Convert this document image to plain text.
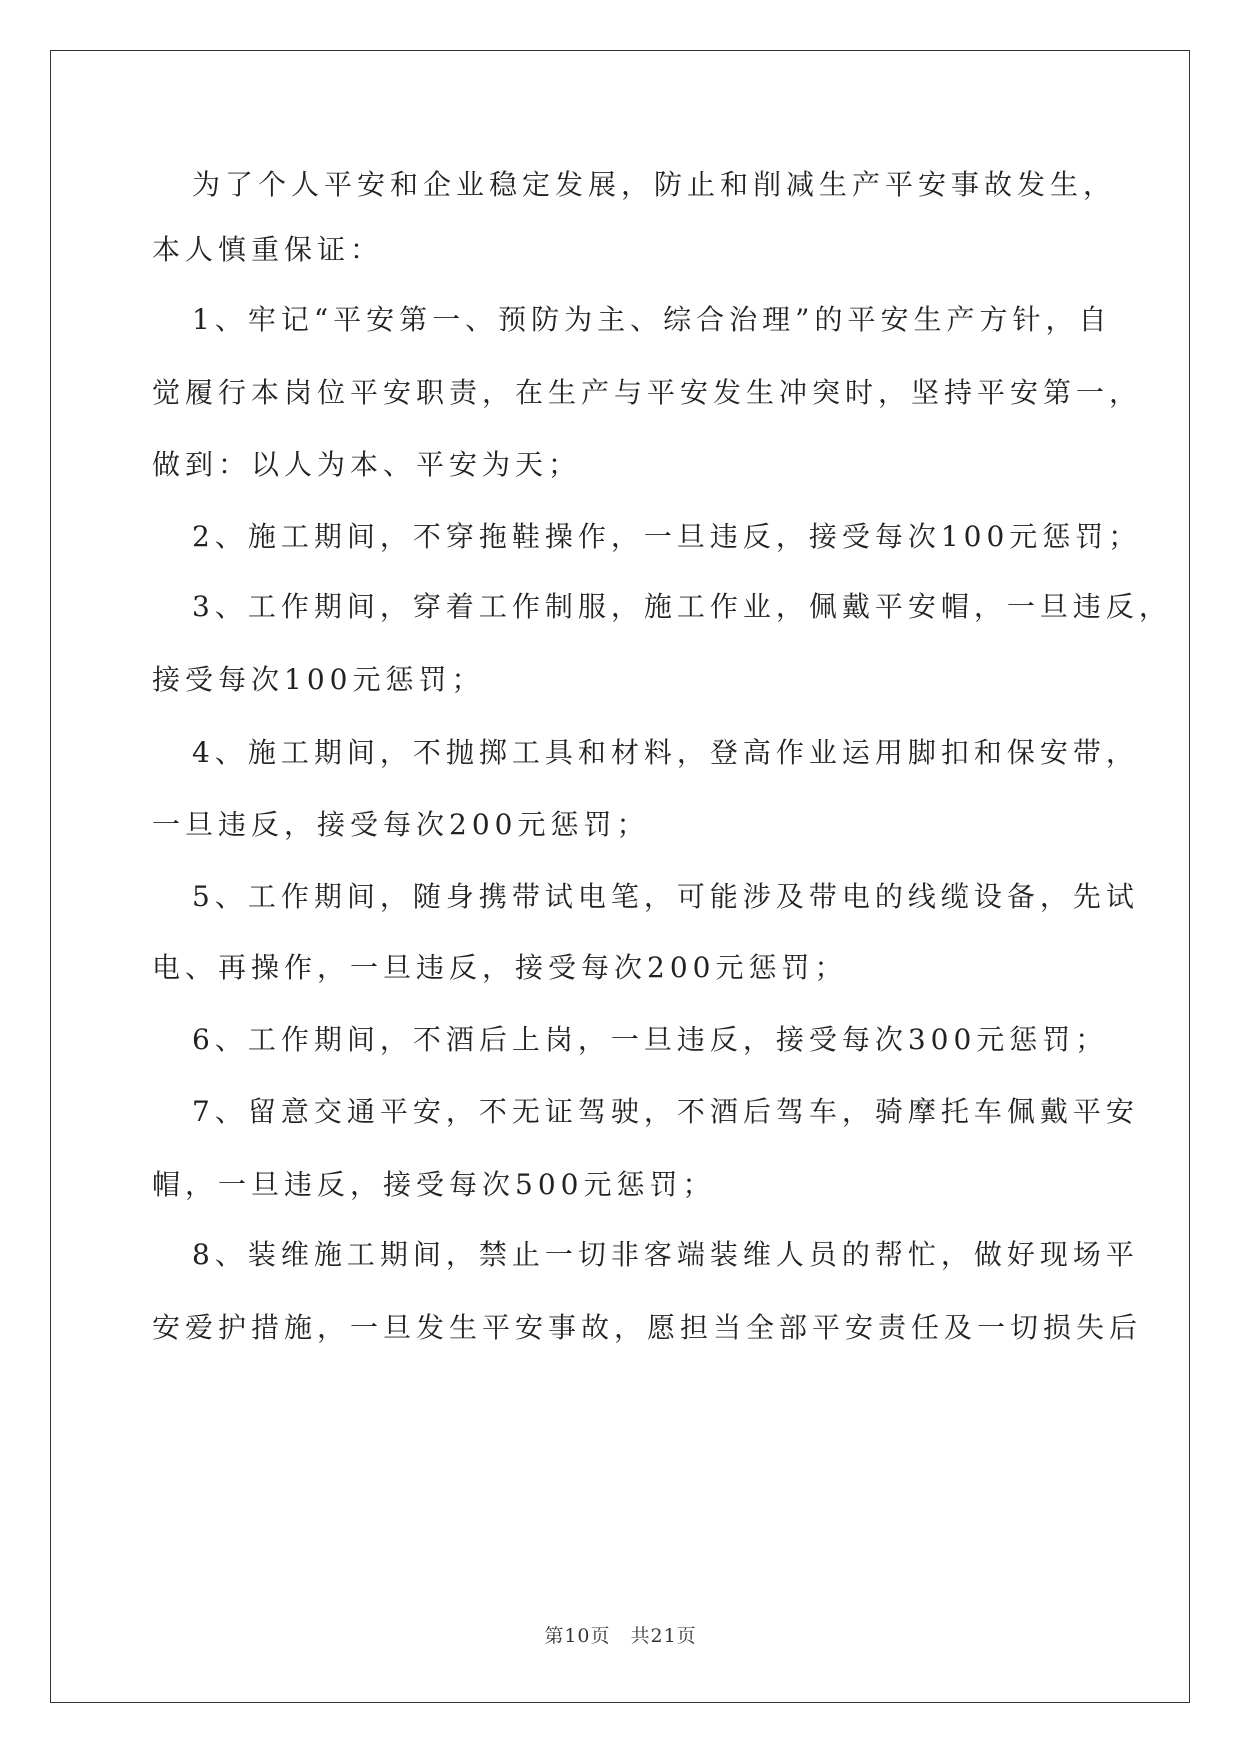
为了个人平安和企业稳定发展，防止和削减生产平安事故发生，
本人慎重保证：
1、牢记“平安第一、预防为主、综合治理”的平安生产方针，自
觉履行本岗位平安职责，在生产与平安发生冲突时，坚持平安第一，
做到：以人为本、平安为天；
2、施工期间，不穿拖鞋操作，一旦违反，接受每次100元惩罚；
3、工作期间，穿着工作制服，施工作业，佩戴平安帽，一旦违反，
接受每次100元惩罚；
4、施工期间，不抛掷工具和材料，登高作业运用脚扣和保安带，
一旦违反，接受每次200元惩罚；
5、工作期间，随身携带试电笔，可能涉及带电的线缆设备，先试
电、再操作，一旦违反，接受每次200元惩罚；
6、工作期间，不酒后上岗，一旦违反，接受每次300元惩罚；
7、留意交通平安，不无证驾驶，不酒后驾车，骑摩托车佩戴平安
帽，一旦违反，接受每次500元惩罚；
8、装维施工期间，禁止一切非客端装维人员的帮忙，做好现场平
安爱护措施，一旦发生平安事故，愿担当全部平安责任及一切损失后
第10页　共21页
